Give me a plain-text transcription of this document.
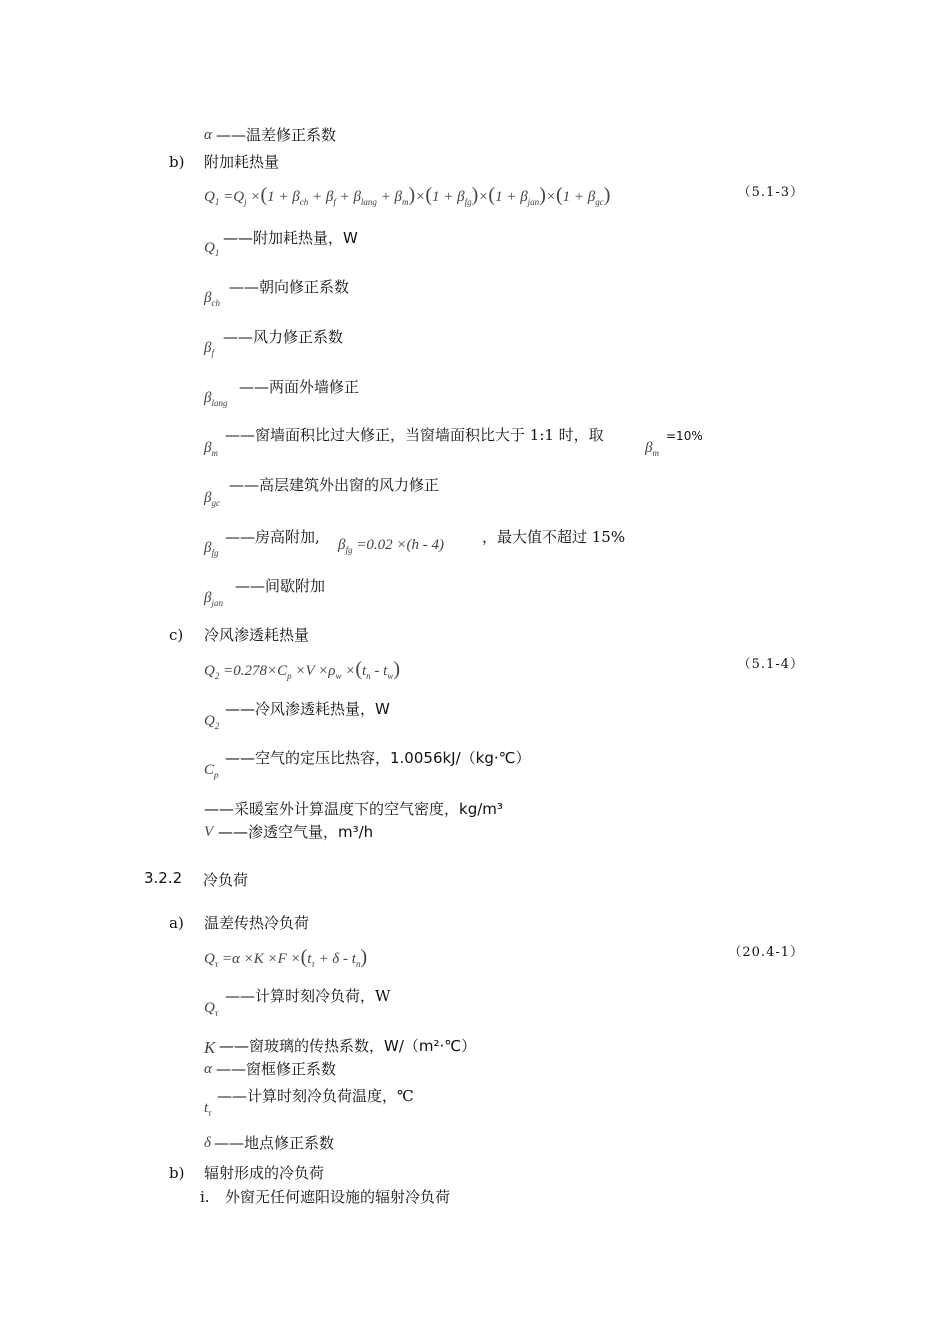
α ——温差修正系数
b) 附加耗热量
$Q_1 =Q_j \times(1 + \beta_{ch} + \beta_f + \beta_{lang} + \beta_m)\times(1 + \beta_{fg})\times(1 + \beta_{jan})\times(1 + \beta_{gc})$	（5.1-3）
$Q_1$
——附加耗热量，W
$\beta_{ch}$
——朝向修正系数
$\beta_f$
——风力修正系数
$\beta_{lang}$
——两面外墙修正
$\beta_m$
——窗墙面积比过大修正，当窗墙面积比大于 1:1 时，取
$\beta_m$
=10%
$\beta_{gc}$
——高层建筑外出窗的风力修正
$\beta_{fg}$
——房高附加, $\beta_{fg} =0.02 \times(h - 4)$	，最大值不超过 15%
$\beta_{jan}$
——间歇附加
c) 冷风渗透耗热量
$Q_2 =0.278\times C_p \times V \times\rho_w \times(t_n - t_w)$	（5.1-4）
$Q_2$
——冷风渗透耗热量，W
$C_p$
——空气的定压比热容，1.0056kJ/（kg·℃）
——采暖室外计算温度下的空气密度，kg/m³
V ——渗透空气量，m³/h
3.2.2 冷负荷
a) 温差传热冷负荷
$Q_\tau =\alpha \times K \times F \times(t_\tau + \delta - t_n)$	（20.4-1）
$Q_\tau$
——计算时刻冷负荷，W
K ——窗玻璃的传热系数，W/（m²·℃）
α ——窗框修正系数
$t_\tau$
——计算时刻冷负荷温度，℃
δ ——地点修正系数
b) 辐射形成的冷负荷
i. 外窗无任何遮阳设施的辐射冷负荷
